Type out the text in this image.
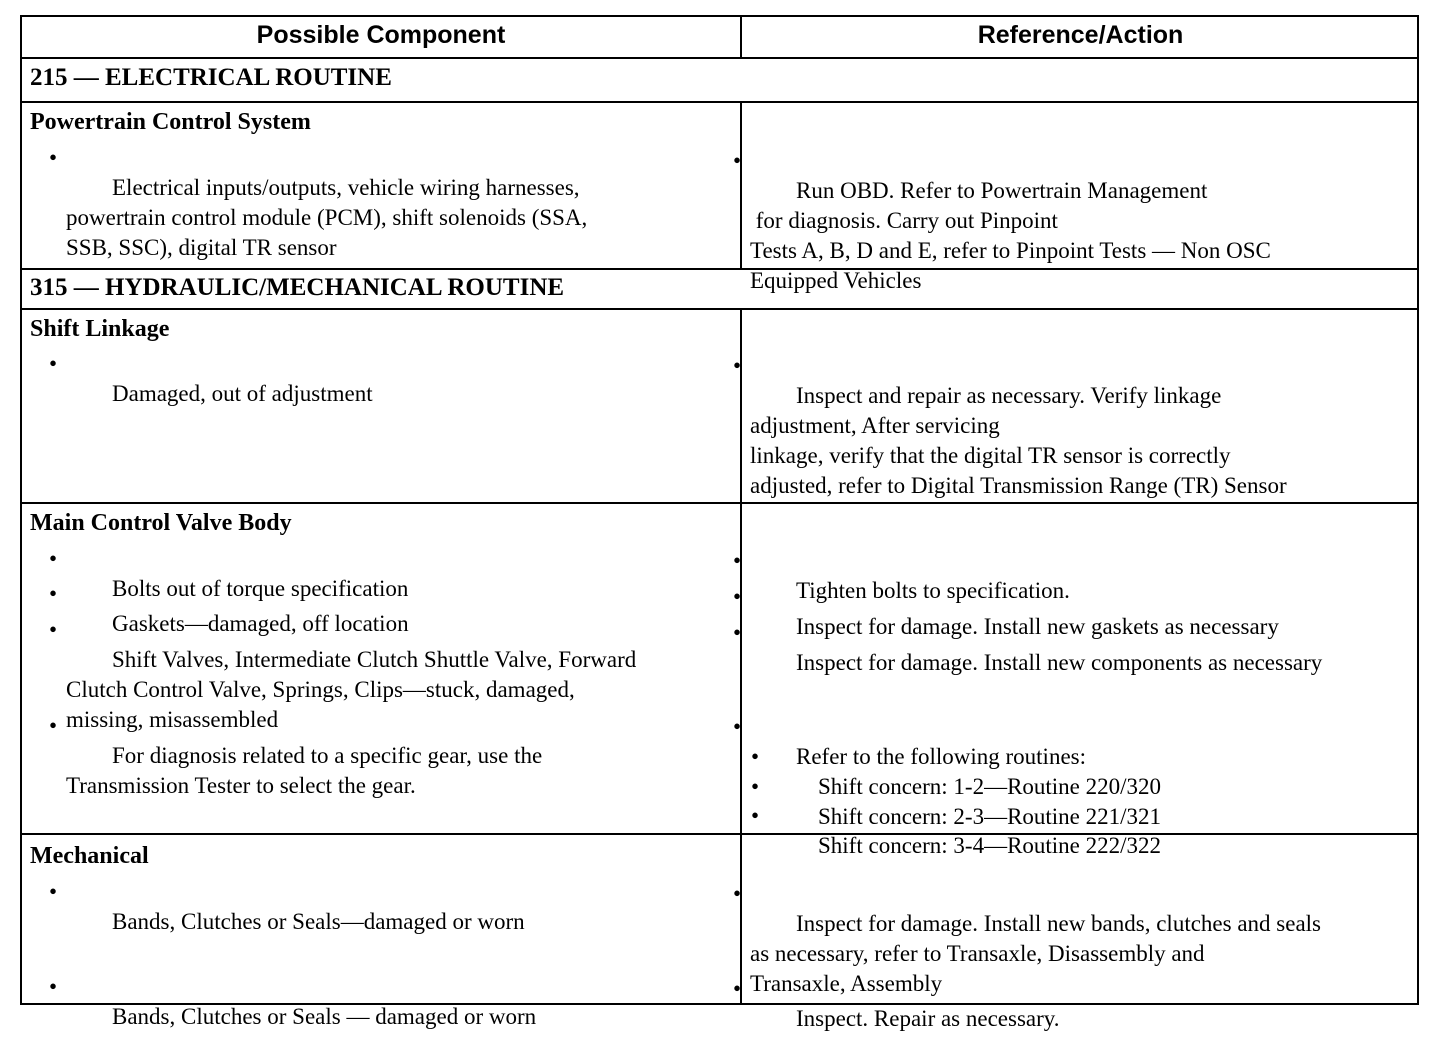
Possible Component	Reference/Action
215 — ELECTRICAL ROUTINE
Powertrain Control System

•
Electrical inputs/outputs, vehicle wiring harnesses,
powertrain control module (PCM), shift solenoids (SSA,
SSB, SSC), digital TR sensor

•
Run OBD. Refer to Powertrain Management
for diagnosis. Carry out Pinpoint
Tests A, B, D and E, refer to Pinpoint Tests — Non OSC
Equipped Vehicles

315 — HYDRAULIC/MECHANICAL ROUTINE
Shift Linkage

•
Damaged, out of adjustment

•
Inspect and repair as necessary. Verify linkage
adjustment, After servicing
linkage, verify that the digital TR sensor is correctly
adjusted, refer to Digital Transmission Range (TR) Sensor

Main Control Valve Body

•
Bolts out of torque specification

•
Gaskets—damaged, off location

•
Shift Valves, Intermediate Clutch Shuttle Valve, Forward
Clutch Control Valve, Springs, Clips—stuck, damaged,
missing, misassembled

•
For diagnosis related to a specific gear, use the
Transmission Tester to select the gear.

•
Tighten bolts to specification.

•
Inspect for damage. Install new gaskets as necessary

•
Inspect for damage. Install new components as necessary

•
Refer to the following routines:

•
Shift concern: 1-2—Routine 220/320

•
Shift concern: 2-3—Routine 221/321

•
Shift concern: 3-4—Routine 222/322

Mechanical

•
Bands, Clutches or Seals—damaged or worn

•
Bands, Clutches or Seals — damaged or worn

•
Inspect for damage. Install new bands, clutches and seals
as necessary, refer to Transaxle, Disassembly and
Transaxle, Assembly

•
Inspect. Repair as necessary.
